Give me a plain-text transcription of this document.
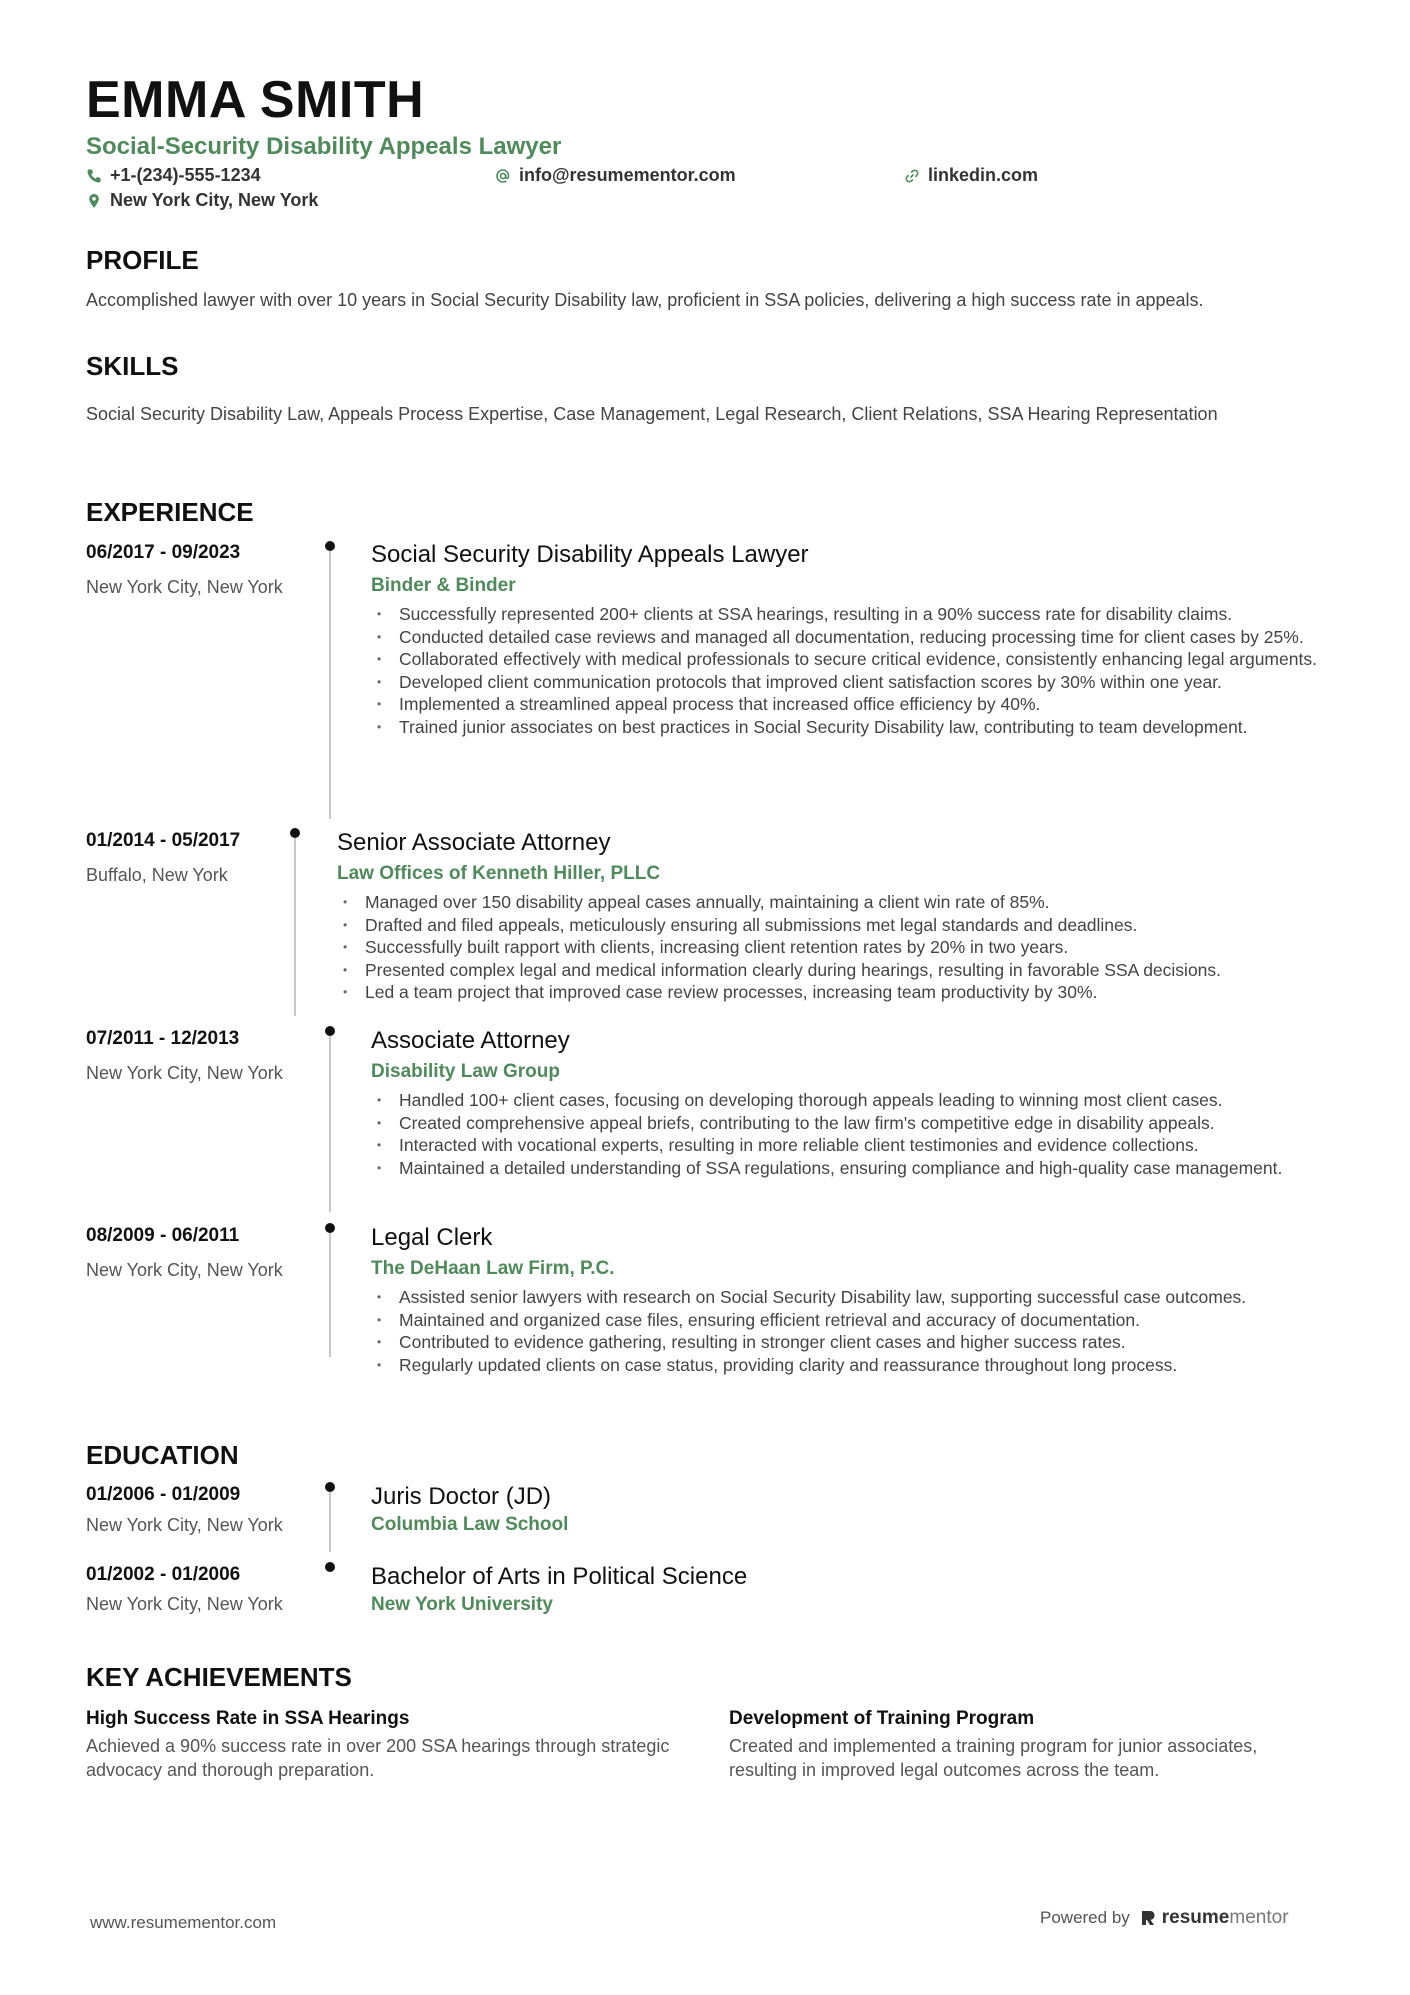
EMMA SMITH
Social-Security Disability Appeals Lawyer
+1-(234)-555-1234	info@resumementor.com	linkedin.com
New York City, New York
PROFILE
Accomplished lawyer with over 10 years in Social Security Disability law, proficient in SSA policies, delivering a high success rate in appeals.
SKILLS
Social Security Disability Law, Appeals Process Expertise, Case Management, Legal Research, Client Relations, SSA Hearing Representation
EXPERIENCE
06/2017 - 09/2023
New York City, New York
Social Security Disability Appeals Lawyer
Binder & Binder
• Successfully represented 200+ clients at SSA hearings, resulting in a 90% success rate for disability claims.
• Conducted detailed case reviews and managed all documentation, reducing processing time for client cases by 25%.
• Collaborated effectively with medical professionals to secure critical evidence, consistently enhancing legal arguments.
• Developed client communication protocols that improved client satisfaction scores by 30% within one year.
• Implemented a streamlined appeal process that increased office efficiency by 40%.
• Trained junior associates on best practices in Social Security Disability law, contributing to team development.
01/2014 - 05/2017
Buffalo, New York
Senior Associate Attorney
Law Offices of Kenneth Hiller, PLLC
• Managed over 150 disability appeal cases annually, maintaining a client win rate of 85%.
• Drafted and filed appeals, meticulously ensuring all submissions met legal standards and deadlines.
• Successfully built rapport with clients, increasing client retention rates by 20% in two years.
• Presented complex legal and medical information clearly during hearings, resulting in favorable SSA decisions.
• Led a team project that improved case review processes, increasing team productivity by 30%.
07/2011 - 12/2013
New York City, New York
Associate Attorney
Disability Law Group
• Handled 100+ client cases, focusing on developing thorough appeals leading to winning most client cases.
• Created comprehensive appeal briefs, contributing to the law firm's competitive edge in disability appeals.
• Interacted with vocational experts, resulting in more reliable client testimonies and evidence collections.
• Maintained a detailed understanding of SSA regulations, ensuring compliance and high-quality case management.
08/2009 - 06/2011
New York City, New York
Legal Clerk
The DeHaan Law Firm, P.C.
• Assisted senior lawyers with research on Social Security Disability law, supporting successful case outcomes.
• Maintained and organized case files, ensuring efficient retrieval and accuracy of documentation.
• Contributed to evidence gathering, resulting in stronger client cases and higher success rates.
• Regularly updated clients on case status, providing clarity and reassurance throughout long process.
EDUCATION
01/2006 - 01/2009
New York City, New York
Juris Doctor (JD)
Columbia Law School
01/2002 - 01/2006
New York City, New York
Bachelor of Arts in Political Science
New York University
KEY ACHIEVEMENTS
High Success Rate in SSA Hearings
Achieved a 90% success rate in over 200 SSA hearings through strategic advocacy and thorough preparation.
Development of Training Program
Created and implemented a training program for junior associates, resulting in improved legal outcomes across the team.
www.resumementor.com	Powered by resumementor
